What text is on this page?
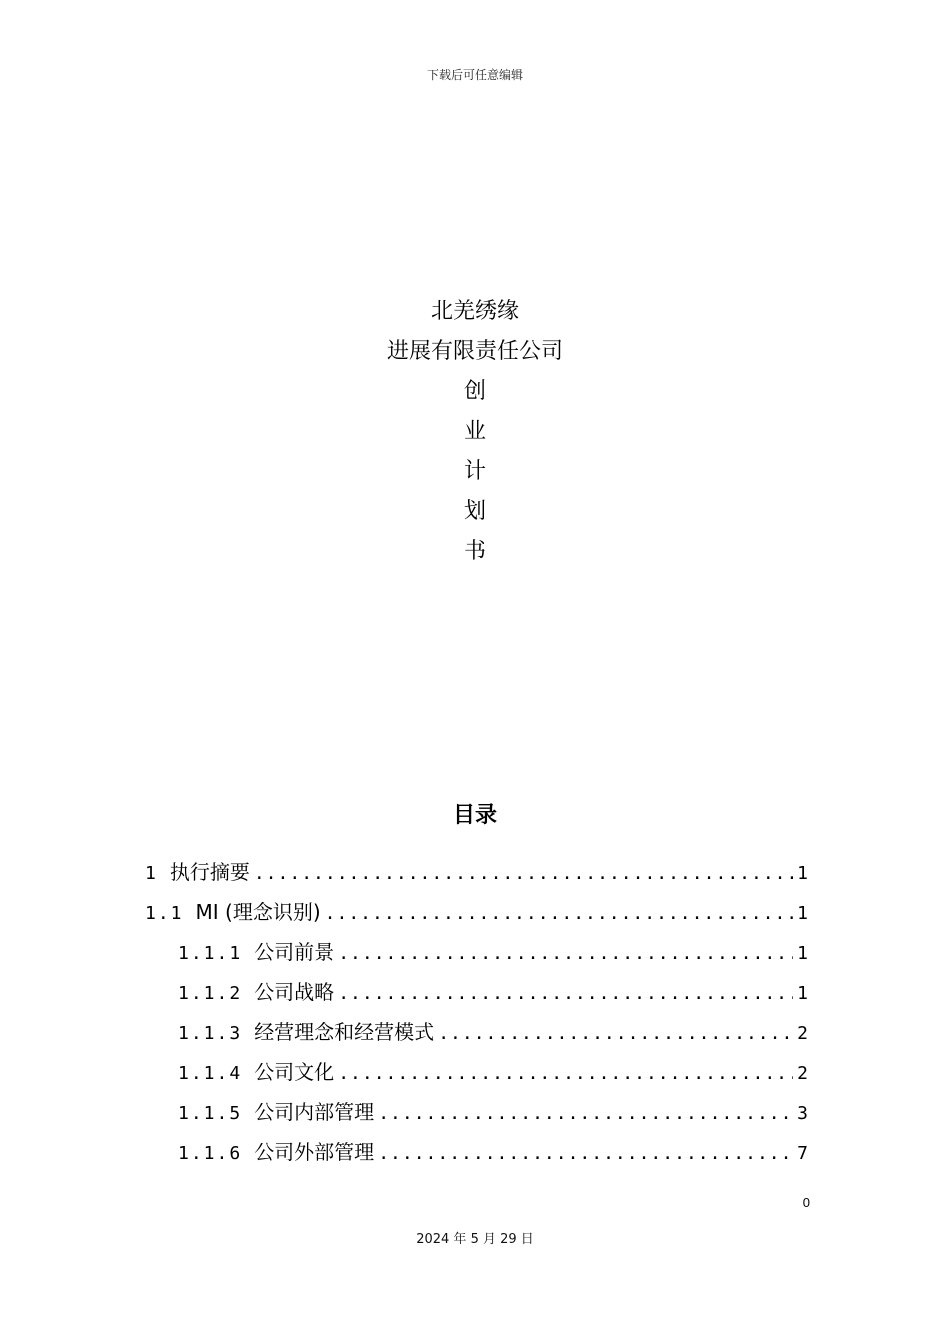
下载后可任意编辑
北羌绣缘
进展有限责任公司
创
业
计
划
书
目录
1 执行摘要 .....	1
1.1 MI (理念识别) .....	1
1.1.1 公司前景 .....	1
1.1.2 公司战略 .....	1
1.1.3 经营理念和经营模式 .....	2
1.1.4 公司文化 .....	2
1.1.5 公司内部管理 .....	3
1.1.6 公司外部管理 .....	7
0
2024 年 5 月 29 日
